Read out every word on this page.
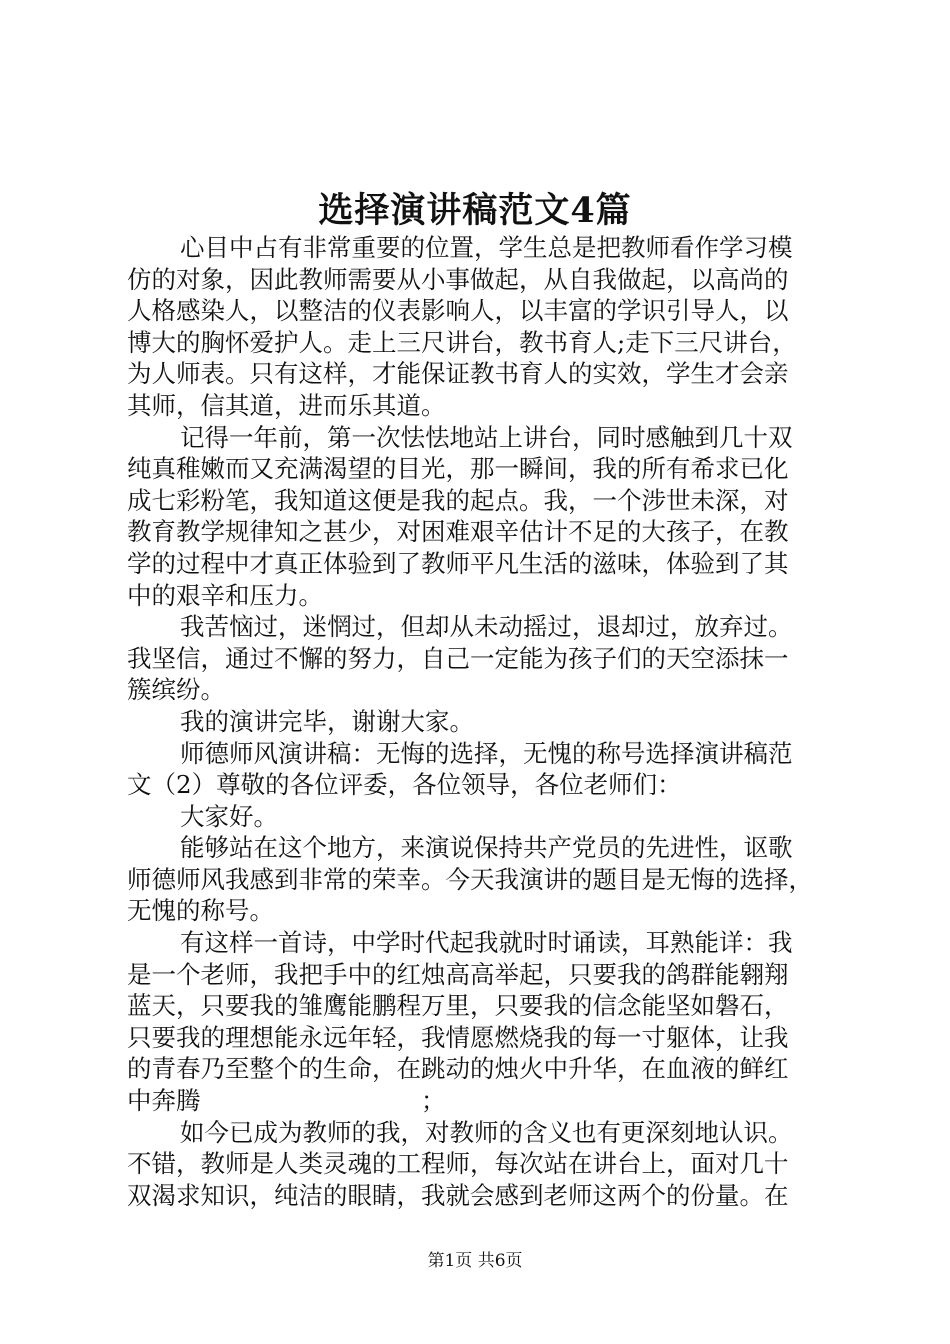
选择演讲稿范文4篇
心目中占有非常重要的位置，学生总是把教师看作学习模
仿的对象，因此教师需要从小事做起，从自我做起，以高尚的
人格感染人，以整洁的仪表影响人，以丰富的学识引导人，以
博大的胸怀爱护人。走上三尺讲台，教书育人;走下三尺讲台，
为人师表。只有这样，才能保证教书育人的实效，学生才会亲
其师，信其道，进而乐其道。
记得一年前，第一次怯怯地站上讲台，同时感触到几十双
纯真稚嫩而又充满渴望的目光，那一瞬间，我的所有希求已化
成七彩粉笔，我知道这便是我的起点。我，一个涉世未深，对
教育教学规律知之甚少，对困难艰辛估计不足的大孩子，在教
学的过程中才真正体验到了教师平凡生活的滋味，体验到了其
中的艰辛和压力。
我苦恼过，迷惘过，但却从未动摇过，退却过，放弃过。
我坚信，通过不懈的努力，自己一定能为孩子们的天空添抹一
簇缤纷。
我的演讲完毕，谢谢大家。
师德师风演讲稿：无悔的选择，无愧的称号选择演讲稿范
文（2）尊敬的各位评委，各位领导，各位老师们：
大家好。
能够站在这个地方，来演说保持共产党员的先进性，讴歌
师德师风我感到非常的荣幸。今天我演讲的题目是无悔的选择，
无愧的称号。
有这样一首诗，中学时代起我就时时诵读，耳熟能详：我
是一个老师，我把手中的红烛高高举起，只要我的鸽群能翱翔
蓝天，只要我的雏鹰能鹏程万里，只要我的信念能坚如磐石，
只要我的理想能永远年轻，我情愿燃烧我的每一寸躯体，让我
的青春乃至整个的生命，在跳动的烛火中升华，在血液的鲜红
中奔腾　　　　　　　　　；
如今已成为教师的我，对教师的含义也有更深刻地认识。
不错，教师是人类灵魂的工程师，每次站在讲台上，面对几十
双渴求知识，纯洁的眼睛，我就会感到老师这两个的份量。在
第1页 共6页
